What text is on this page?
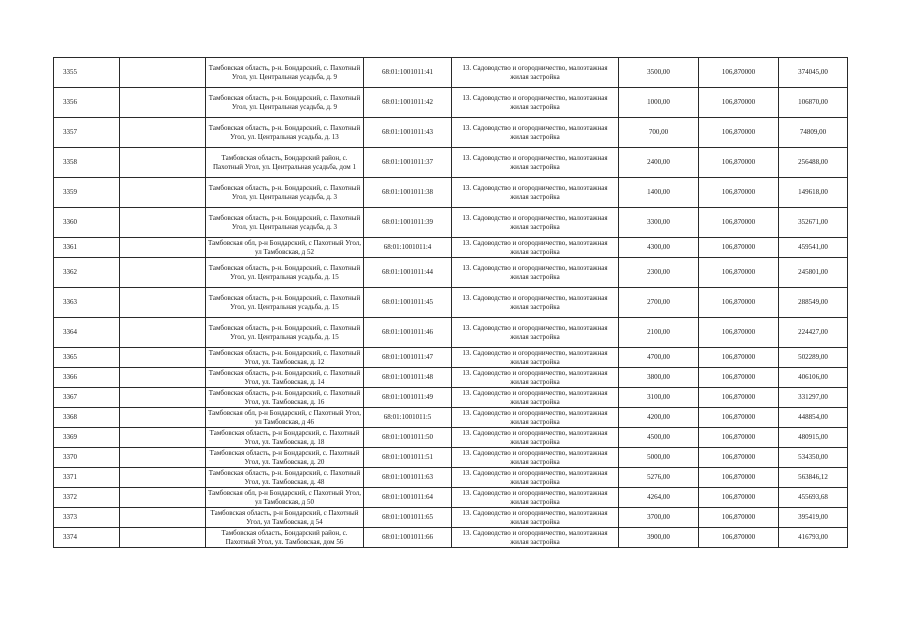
3355		Тамбовская область, р-н. Бондарский, с. Пахотный Угол, ул. Центральная усадьба, д. 9	68:01:1001011:41	13. Садоводство и огородничество, малоэтажная жилая застройка	3500,00	106,870000	374045,00
3356		Тамбовская область, р-н. Бондарский, с. Пахотный Угол, ул. Центральная усадьба, д. 9	68:01:1001011:42	13. Садоводство и огородничество, малоэтажная жилая застройка	1000,00	106,870000	106870,00
3357		Тамбовская область, р-н. Бондарский, с. Пахотный Угол, ул. Центральная усадьба, д. 13	68:01:1001011:43	13. Садоводство и огородничество, малоэтажная жилая застройка	700,00	106,870000	74809,00
3358		Тамбовская область, Бондарский район, с. Пахотный Угол, ул. Центральная усадьба, дом 1	68:01:1001011:37	13. Садоводство и огородничество, малоэтажная жилая застройка	2400,00	106,870000	256488,00
3359		Тамбовская область, р-н. Бондарский, с. Пахотный Угол, ул. Центральная усадьба, д. 3	68:01:1001011:38	13. Садоводство и огородничество, малоэтажная жилая застройка	1400,00	106,870000	149618,00
3360		Тамбовская область, р-н. Бондарский, с. Пахотный Угол, ул. Центральная усадьба, д. 3	68:01:1001011:39	13. Садоводство и огородничество, малоэтажная жилая застройка	3300,00	106,870000	352671,00
3361		Тамбовская обл, р-н Бондарский, с Пахотный Угол, ул Тамбовская, д 52	68:01:1001011:4	13. Садоводство и огородничество, малоэтажная жилая застройка	4300,00	106,870000	459541,00
3362		Тамбовская область, р-н. Бондарский, с. Пахотный Угол, ул. Центральная усадьба, д. 15	68:01:1001011:44	13. Садоводство и огородничество, малоэтажная жилая застройка	2300,00	106,870000	245801,00
3363		Тамбовская область, р-н. Бондарский, с. Пахотный Угол, ул. Центральная усадьба, д. 15	68:01:1001011:45	13. Садоводство и огородничество, малоэтажная жилая застройка	2700,00	106,870000	288549,00
3364		Тамбовская область, р-н. Бондарский, с. Пахотный Угол, ул. Центральная усадьба, д. 15	68:01:1001011:46	13. Садоводство и огородничество, малоэтажная жилая застройка	2100,00	106,870000	224427,00
3365		Тамбовская область, р-н. Бондарский, с. Пахотный Угол, ул. Тамбовская, д. 12	68:01:1001011:47	13. Садоводство и огородничество, малоэтажная жилая застройка	4700,00	106,870000	502289,00
3366		Тамбовская область, р-н. Бондарский, с. Пахотный Угол, ул. Тамбовская, д. 14	68:01:1001011:48	13. Садоводство и огородничество, малоэтажная жилая застройка	3800,00	106,870000	406106,00
3367		Тамбовская область, р-н. Бондарский, с. Пахотный Угол, ул. Тамбовская, д. 16	68:01:1001011:49	13. Садоводство и огородничество, малоэтажная жилая застройка	3100,00	106,870000	331297,00
3368		Тамбовская обл, р-н Бондарский, с Пахотный Угол, ул Тамбовская, д 46	68:01:1001011:5	13. Садоводство и огородничество, малоэтажная жилая застройка	4200,00	106,870000	448854,00
3369		Тамбовская область, р-н Бондарский, с. Пахотный Угол, ул. Тамбовская, д. 18	68:01:1001011:50	13. Садоводство и огородничество, малоэтажная жилая застройка	4500,00	106,870000	480915,00
3370		Тамбовская область, р-н Бондарский, с. Пахотный Угол, ул. Тамбовская, д. 20	68:01:1001011:51	13. Садоводство и огородничество, малоэтажная жилая застройка	5000,00	106,870000	534350,00
3371		Тамбовская область, р-н. Бондарский, с. Пахотный Угол, ул. Тамбовская, д. 48	68:01:1001011:63	13. Садоводство и огородничество, малоэтажная жилая застройка	5276,00	106,870000	563846,12
3372		Тамбовская обл, р-н Бондарский, с Пахотный Угол, ул Тамбовская, д 50	68:01:1001011:64	13. Садоводство и огородничество, малоэтажная жилая застройка	4264,00	106,870000	455693,68
3373		Тамбовская область, р-н Бондарский, с Пахотный Угол, ул Тамбовская, д 54	68:01:1001011:65	13. Садоводство и огородничество, малоэтажная жилая застройка	3700,00	106,870000	395419,00
3374		Тамбовская область, Бондарский район, с. Пахотный Угол, ул. Тамбовская, дом 56	68:01:1001011:66	13. Садоводство и огородничество, малоэтажная жилая застройка	3900,00	106,870000	416793,00
